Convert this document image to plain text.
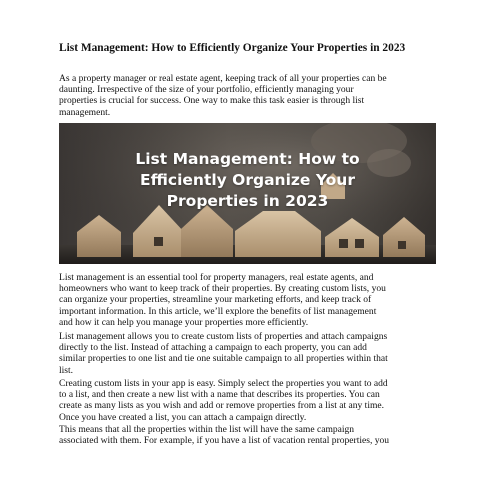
List Management: How to Efficiently Organize Your Properties in 2023
As a property manager or real estate agent, keeping track of all your properties can be
daunting. Irrespective of the size of your portfolio, efficiently managing your
properties is crucial for success. One way to make this task easier is through list
management.
List Management: How to
Efficiently Organize Your
Properties in 2023
List management is an essential tool for property managers, real estate agents, and
homeowners who want to keep track of their properties. By creating custom lists, you
can organize your properties, streamline your marketing efforts, and keep track of
important information. In this article, we’ll explore the benefits of list management
and how it can help you manage your properties more efficiently.
List management allows you to create custom lists of properties and attach campaigns
directly to the list. Instead of attaching a campaign to each property, you can add
similar properties to one list and tie one suitable campaign to all properties within that
list.
Creating custom lists in your app is easy. Simply select the properties you want to add
to a list, and then create a new list with a name that describes its properties. You can
create as many lists as you wish and add or remove properties from a list at any time.
Once you have created a list, you can attach a campaign directly.
This means that all the properties within the list will have the same campaign
associated with them. For example, if you have a list of vacation rental properties, you
